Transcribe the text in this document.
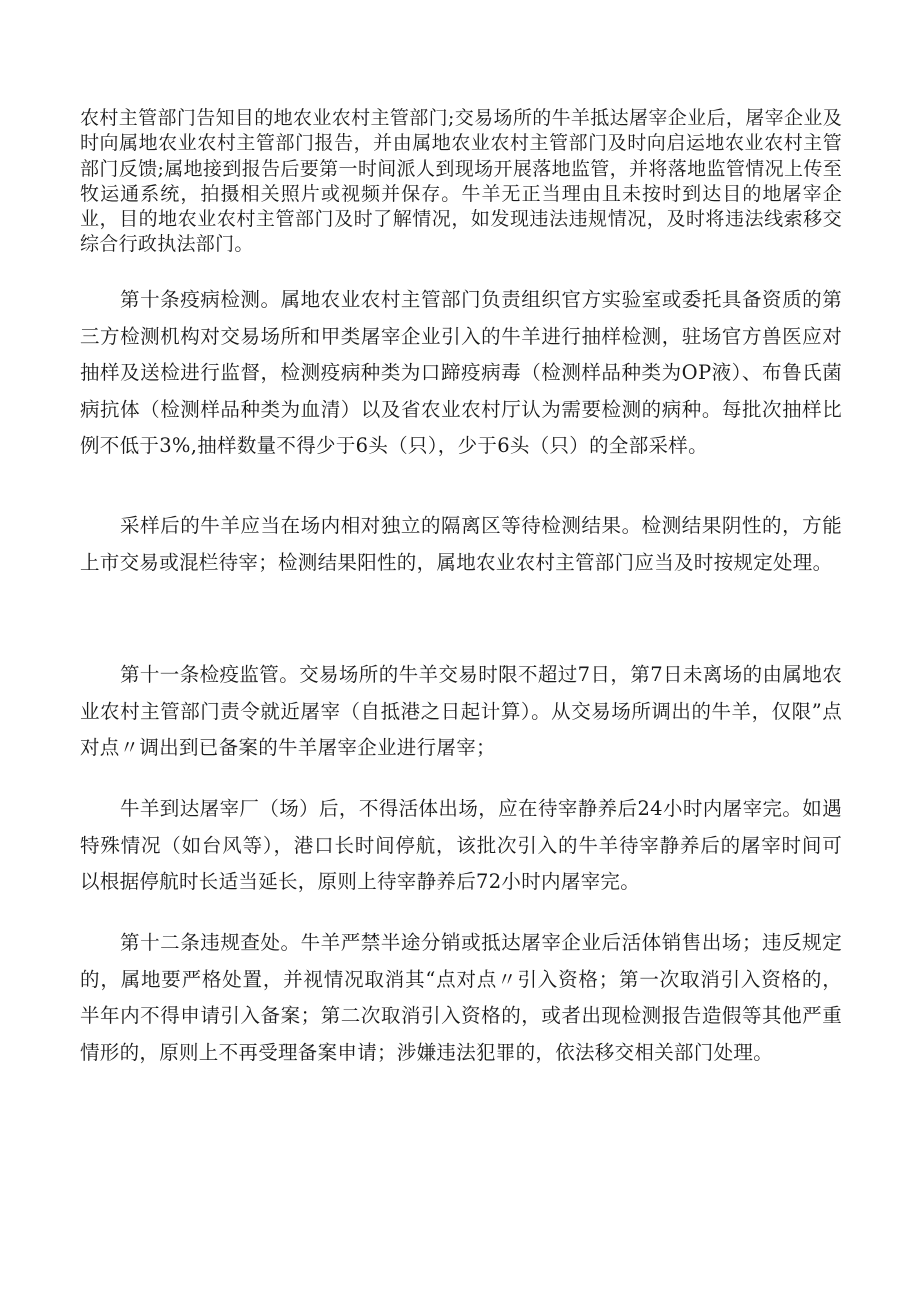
农村主管部门告知目的地农业农村主管部门;交易场所的牛羊抵达屠宰企业后，屠宰企业及时向属地农业农村主管部门报告，并由属地农业农村主管部门及时向启运地农业农村主管部门反馈;属地接到报告后要第一时间派人到现场开展落地监管，并将落地监管情况上传至牧运通系统，拍摄相关照片或视频并保存。牛羊无正当理由且未按时到达目的地屠宰企业，目的地农业农村主管部门及时了解情况，如发现违法违规情况，及时将违法线索移交综合行政执法部门。

第十条疫病检测。属地农业农村主管部门负责组织官方实验室或委托具备资质的第三方检测机构对交易场所和甲类屠宰企业引入的牛羊进行抽样检测，驻场官方兽医应对抽样及送检进行监督，检测疫病种类为口蹄疫病毒（检测样品种类为OP液）、布鲁氏菌病抗体（检测样品种类为血清）以及省农业农村厅认为需要检测的病种。每批次抽样比例不低于3%,抽样数量不得少于6头（只），少于6头（只）的全部采样。

采样后的牛羊应当在场内相对独立的隔离区等待检测结果。检测结果阴性的，方能上市交易或混栏待宰；检测结果阳性的，属地农业农村主管部门应当及时按规定处理。

第十一条检疫监管。交易场所的牛羊交易时限不超过7日，第7日未离场的由属地农业农村主管部门责令就近屠宰（自抵港之日起计算）。从交易场所调出的牛羊，仅限”点对点〃调出到已备案的牛羊屠宰企业进行屠宰；

牛羊到达屠宰厂（场）后，不得活体出场，应在待宰静养后24小时内屠宰完。如遇特殊情况（如台风等），港口长时间停航，该批次引入的牛羊待宰静养后的屠宰时间可以根据停航时长适当延长，原则上待宰静养后72小时内屠宰完。

第十二条违规查处。牛羊严禁半途分销或抵达屠宰企业后活体销售出场；违反规定的，属地要严格处置，并视情况取消其“点对点〃引入资格；第一次取消引入资格的，半年内不得申请引入备案；第二次取消引入资格的，或者出现检测报告造假等其他严重情形的，原则上不再受理备案申请；涉嫌违法犯罪的，依法移交相关部门处理。
